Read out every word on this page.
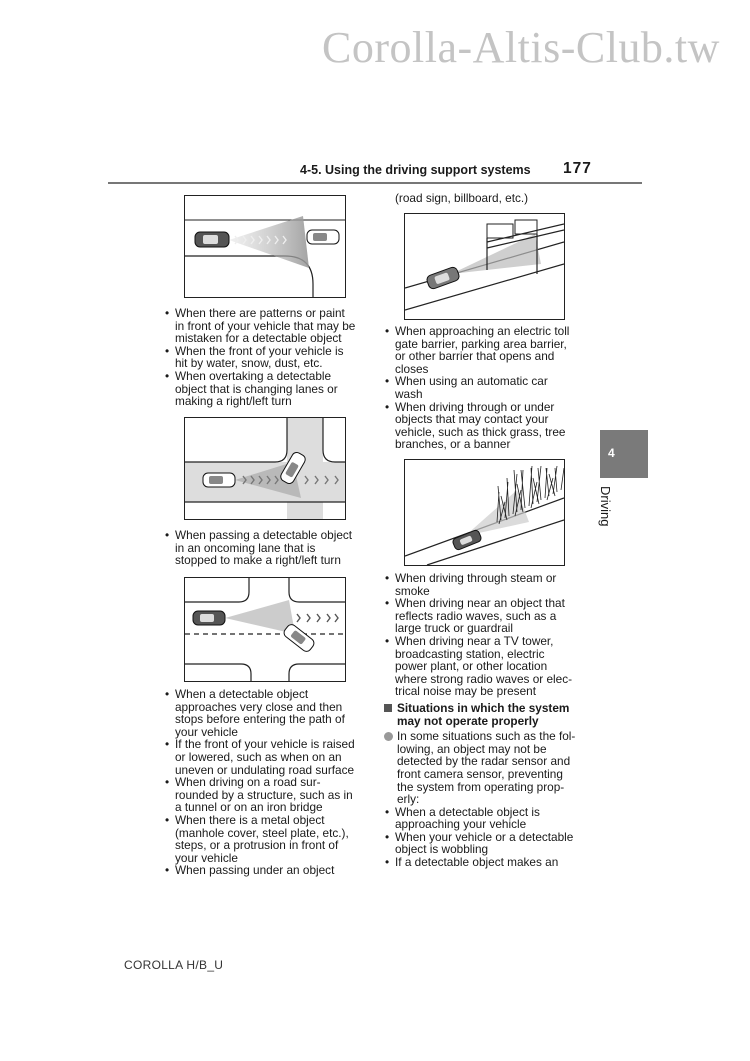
Corolla-Altis-Club.tw
4-5. Using the driving support systems 177
4
Driving
• When there are patterns or paint
in front of your vehicle that may be
mistaken for a detectable object
• When the front of your vehicle is
hit by water, snow, dust, etc.
• When overtaking a detectable
object that is changing lanes or
making a right/left turn
• When passing a detectable object
in an oncoming lane that is
stopped to make a right/left turn
• When a detectable object
approaches very close and then
stops before entering the path of
your vehicle
• If the front of your vehicle is raised
or lowered, such as when on an
uneven or undulating road surface
• When driving on a road sur-
rounded by a structure, such as in
a tunnel or on an iron bridge
• When there is a metal object
(manhole cover, steel plate, etc.),
steps, or a protrusion in front of
your vehicle
• When passing under an object
(road sign, billboard, etc.)
• When approaching an electric toll
gate barrier, parking area barrier,
or other barrier that opens and
closes
• When using an automatic car
wash
• When driving through or under
objects that may contact your
vehicle, such as thick grass, tree
branches, or a banner
• When driving through steam or
smoke
• When driving near an object that
reflects radio waves, such as a
large truck or guardrail
• When driving near a TV tower,
broadcasting station, electric
power plant, or other location
where strong radio waves or elec-
trical noise may be present
Situations in which the system
may not operate properly
In some situations such as the fol-
lowing, an object may not be
detected by the radar sensor and
front camera sensor, preventing
the system from operating prop-
erly:
• When a detectable object is
approaching your vehicle
• When your vehicle or a detectable
object is wobbling
• If a detectable object makes an
COROLLA H/B_U
